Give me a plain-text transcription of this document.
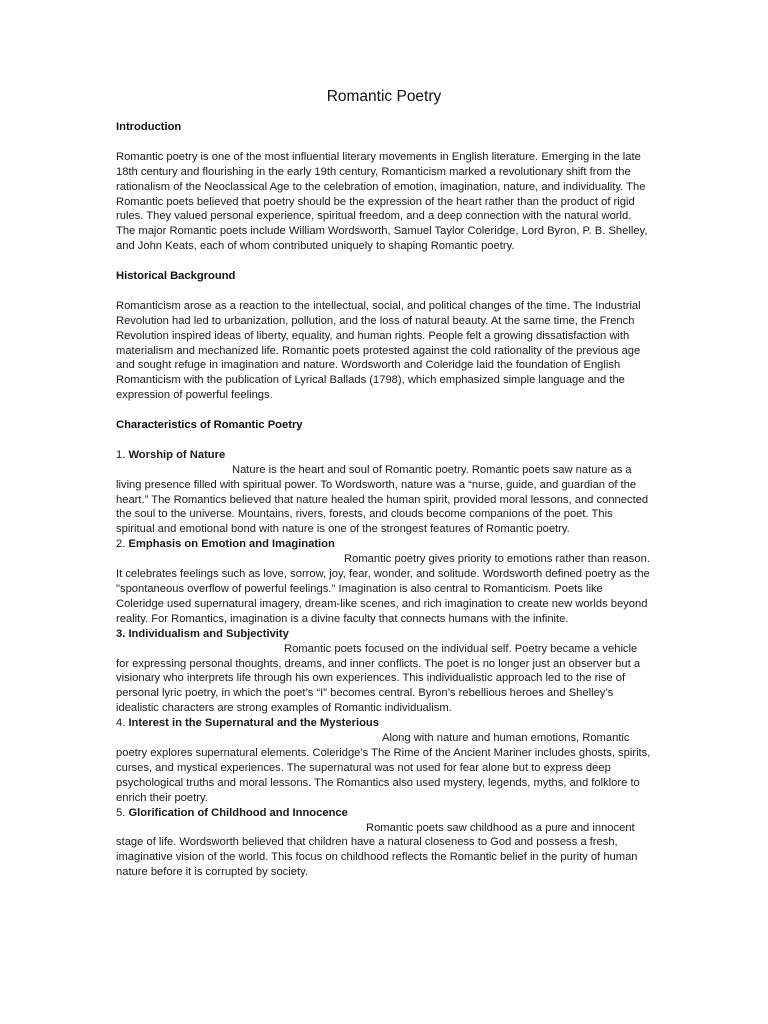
Romantic Poetry

Introduction

Romantic poetry is one of the most influential literary movements in English literature. Emerging in the late 18th century and flourishing in the early 19th century, Romanticism marked a revolutionary shift from the rationalism of the Neoclassical Age to the celebration of emotion, imagination, nature, and individuality. The Romantic poets believed that poetry should be the expression of the heart rather than the product of rigid rules. They valued personal experience, spiritual freedom, and a deep connection with the natural world. The major Romantic poets include William Wordsworth, Samuel Taylor Coleridge, Lord Byron, P. B. Shelley, and John Keats, each of whom contributed uniquely to shaping Romantic poetry.

Historical Background

Romanticism arose as a reaction to the intellectual, social, and political changes of the time. The Industrial Revolution had led to urbanization, pollution, and the loss of natural beauty. At the same time, the French Revolution inspired ideas of liberty, equality, and human rights. People felt a growing dissatisfaction with materialism and mechanized life. Romantic poets protested against the cold rationality of the previous age and sought refuge in imagination and nature. Wordsworth and Coleridge laid the foundation of English Romanticism with the publication of Lyrical Ballads (1798), which emphasized simple language and the expression of powerful feelings.

Characteristics of Romantic Poetry

1. Worship of Nature

Nature is the heart and soul of Romantic poetry. Romantic poets saw nature as a living presence filled with spiritual power. To Wordsworth, nature was a “nurse, guide, and guardian of the heart.” The Romantics believed that nature healed the human spirit, provided moral lessons, and connected the soul to the universe. Mountains, rivers, forests, and clouds become companions of the poet. This spiritual and emotional bond with nature is one of the strongest features of Romantic poetry.

2. Emphasis on Emotion and Imagination

Romantic poetry gives priority to emotions rather than reason. It celebrates feelings such as love, sorrow, joy, fear, wonder, and solitude. Wordsworth defined poetry as the "spontaneous overflow of powerful feelings." Imagination is also central to Romanticism. Poets like Coleridge used supernatural imagery, dream-like scenes, and rich imagination to create new worlds beyond reality. For Romantics, imagination is a divine faculty that connects humans with the infinite.

3. Individualism and Subjectivity

Romantic poets focused on the individual self. Poetry became a vehicle for expressing personal thoughts, dreams, and inner conflicts. The poet is no longer just an observer but a visionary who interprets life through his own experiences. This individualistic approach led to the rise of personal lyric poetry, in which the poet’s “I” becomes central. Byron’s rebellious heroes and Shelley’s idealistic characters are strong examples of Romantic individualism.

4. Interest in the Supernatural and the Mysterious

Along with nature and human emotions, Romantic poetry explores supernatural elements. Coleridge’s The Rime of the Ancient Mariner includes ghosts, spirits, curses, and mystical experiences. The supernatural was not used for fear alone but to express deep psychological truths and moral lessons. The Romantics also used mystery, legends, myths, and folklore to enrich their poetry.

5. Glorification of Childhood and Innocence

Romantic poets saw childhood as a pure and innocent stage of life. Wordsworth believed that children have a natural closeness to God and possess a fresh, imaginative vision of the world. This focus on childhood reflects the Romantic belief in the purity of human nature before it is corrupted by society.
